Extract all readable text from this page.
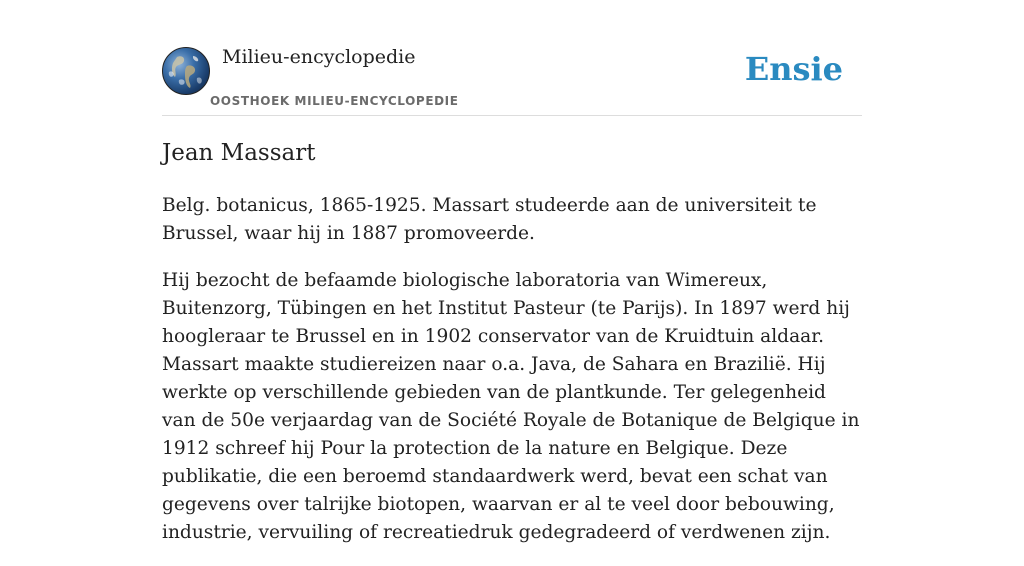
Milieu-encyclopedie
OOSTHOEK MILIEU-ENCYCLOPEDIE
Ensie
Jean Massart

Belg. botanicus, 1865-1925. Massart studeerde aan de universiteit te Brussel, waar hij in 1887 promoveerde.

Hij bezocht de befaamde biologische laboratoria van Wimereux, Buitenzorg, Tübingen en het Institut Pasteur (te Parijs). In 1897 werd hij hoogleraar te Brussel en in 1902 conservator van de Kruidtuin aldaar. Massart maakte studiereizen naar o.a. Java, de Sahara en Brazilië. Hij werkte op verschillende gebieden van de plantkunde. Ter gelegenheid van de 50e verjaardag van de Société Royale de Botanique de Belgique in 1912 schreef hij Pour la protection de la nature en Belgique. Deze publikatie, die een beroemd standaardwerk werd, bevat een schat van gegevens over talrijke biotopen, waarvan er al te veel door bebouwing, industrie, vervuiling of recreatiedruk gedegradeerd of verdwenen zijn.
